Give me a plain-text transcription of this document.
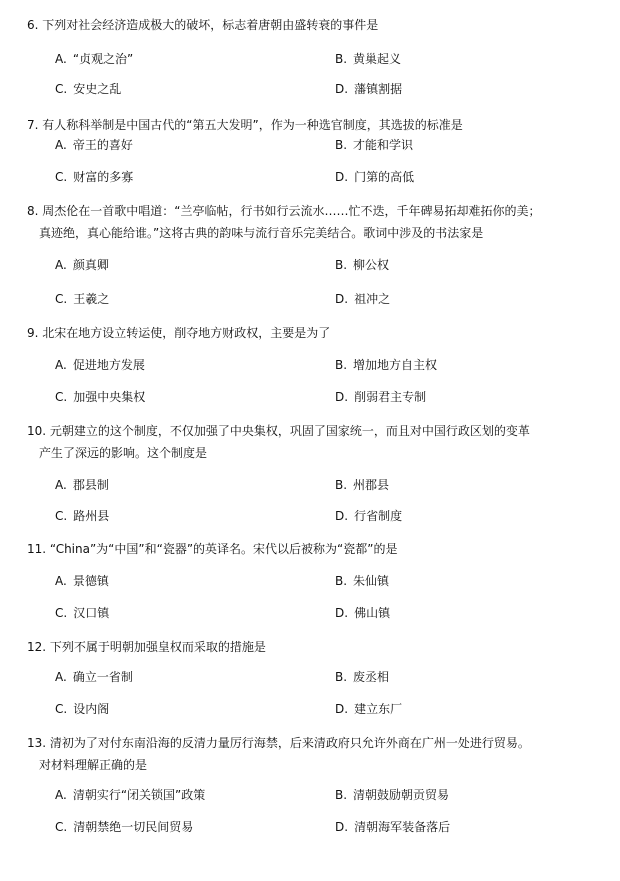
6. 下列对社会经济造成极大的破坏，标志着唐朝由盛转衰的事件是
A. “贞观之治”	B. 黄巢起义
C. 安史之乱	D. 藩镇割据
7. 有人称科举制是中国古代的“第五大发明”，作为一种选官制度，其选拔的标准是
A. 帝王的喜好	B. 才能和学识
C. 财富的多寡	D. 门第的高低
8. 周杰伦在一首歌中唱道：“兰亭临帖，行书如行云流水……忙不迭，千年碑易拓却难拓你的美；
真迹绝，真心能给谁。”这将古典的韵味与流行音乐完美结合。歌词中涉及的书法家是
A. 颜真卿	B. 柳公权
C. 王羲之	D. 祖冲之
9. 北宋在地方设立转运使，削夺地方财政权，主要是为了
A. 促进地方发展	B. 增加地方自主权
C. 加强中央集权	D. 削弱君主专制
10. 元朝建立的这个制度，不仅加强了中央集权，巩固了国家统一，而且对中国行政区划的变革
产生了深远的影响。这个制度是
A. 郡县制	B. 州郡县
C. 路州县	D. 行省制度
11. “China”为“中国”和“瓷器”的英译名。宋代以后被称为“瓷都”的是
A. 景德镇	B. 朱仙镇
C. 汉口镇	D. 佛山镇
12. 下列不属于明朝加强皇权而采取的措施是
A. 确立一省制	B. 废丞相
C. 设内阁	D. 建立东厂
13. 清初为了对付东南沿海的反清力量厉行海禁，后来清政府只允许外商在广州一处进行贸易。
对材料理解正确的是
A. 清朝实行“闭关锁国”政策	B. 清朝鼓励朝贡贸易
C. 清朝禁绝一切民间贸易	D. 清朝海军装备落后
